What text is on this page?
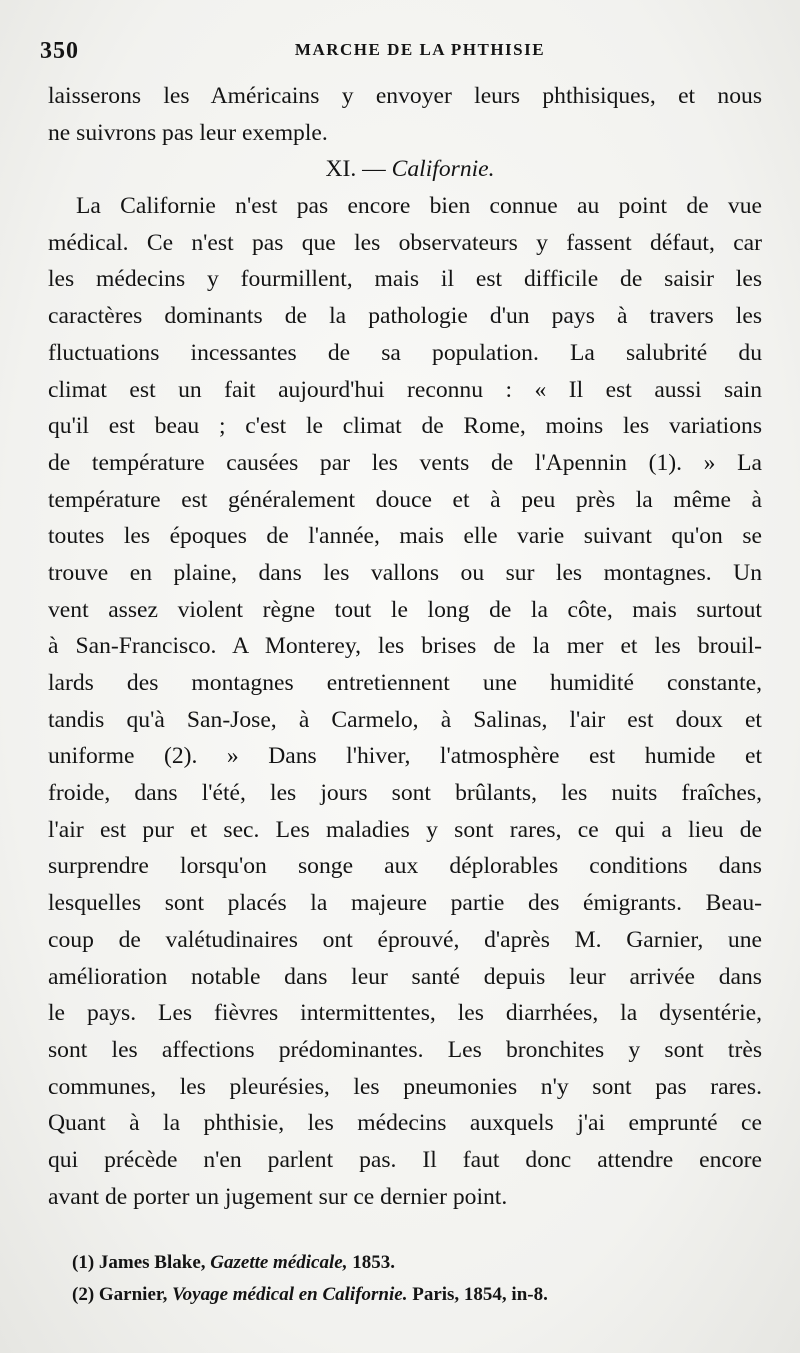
350	MARCHE DE LA PHTHISIE
laisserons les Américains y envoyer leurs phthisiques, et nous
ne suivrons pas leur exemple.
XI. — Californie.
La Californie n'est pas encore bien connue au point de vue
médical. Ce n'est pas que les observateurs y fassent défaut, car
les médecins y fourmillent, mais il est difficile de saisir les
caractères dominants de la pathologie d'un pays à travers les
fluctuations incessantes de sa population. La salubrité du
climat est un fait aujourd'hui reconnu : « Il est aussi sain
qu'il est beau ; c'est le climat de Rome, moins les variations
de température causées par les vents de l'Apennin (1). » La
température est généralement douce et à peu près la même à
toutes les époques de l'année, mais elle varie suivant qu'on se
trouve en plaine, dans les vallons ou sur les montagnes. Un
vent assez violent règne tout le long de la côte, mais surtout
à San-Francisco. A Monterey, les brises de la mer et les brouil-
lards des montagnes entretiennent une humidité constante,
tandis qu'à San-Jose, à Carmelo, à Salinas, l'air est doux et
uniforme (2). » Dans l'hiver, l'atmosphère est humide et
froide, dans l'été, les jours sont brûlants, les nuits fraîches,
l'air est pur et sec. Les maladies y sont rares, ce qui a lieu de
surprendre lorsqu'on songe aux déplorables conditions dans
lesquelles sont placés la majeure partie des émigrants. Beau-
coup de valétudinaires ont éprouvé, d'après M. Garnier, une
amélioration notable dans leur santé depuis leur arrivée dans
le pays. Les fièvres intermittentes, les diarrhées, la dysentérie,
sont les affections prédominantes. Les bronchites y sont très
communes, les pleurésies, les pneumonies n'y sont pas rares.
Quant à la phthisie, les médecins auxquels j'ai emprunté ce
qui précède n'en parlent pas. Il faut donc attendre encore
avant de porter un jugement sur ce dernier point.
(1) James Blake, Gazette médicale, 1853.
(2) Garnier, Voyage médical en Californie. Paris, 1854, in-8.
